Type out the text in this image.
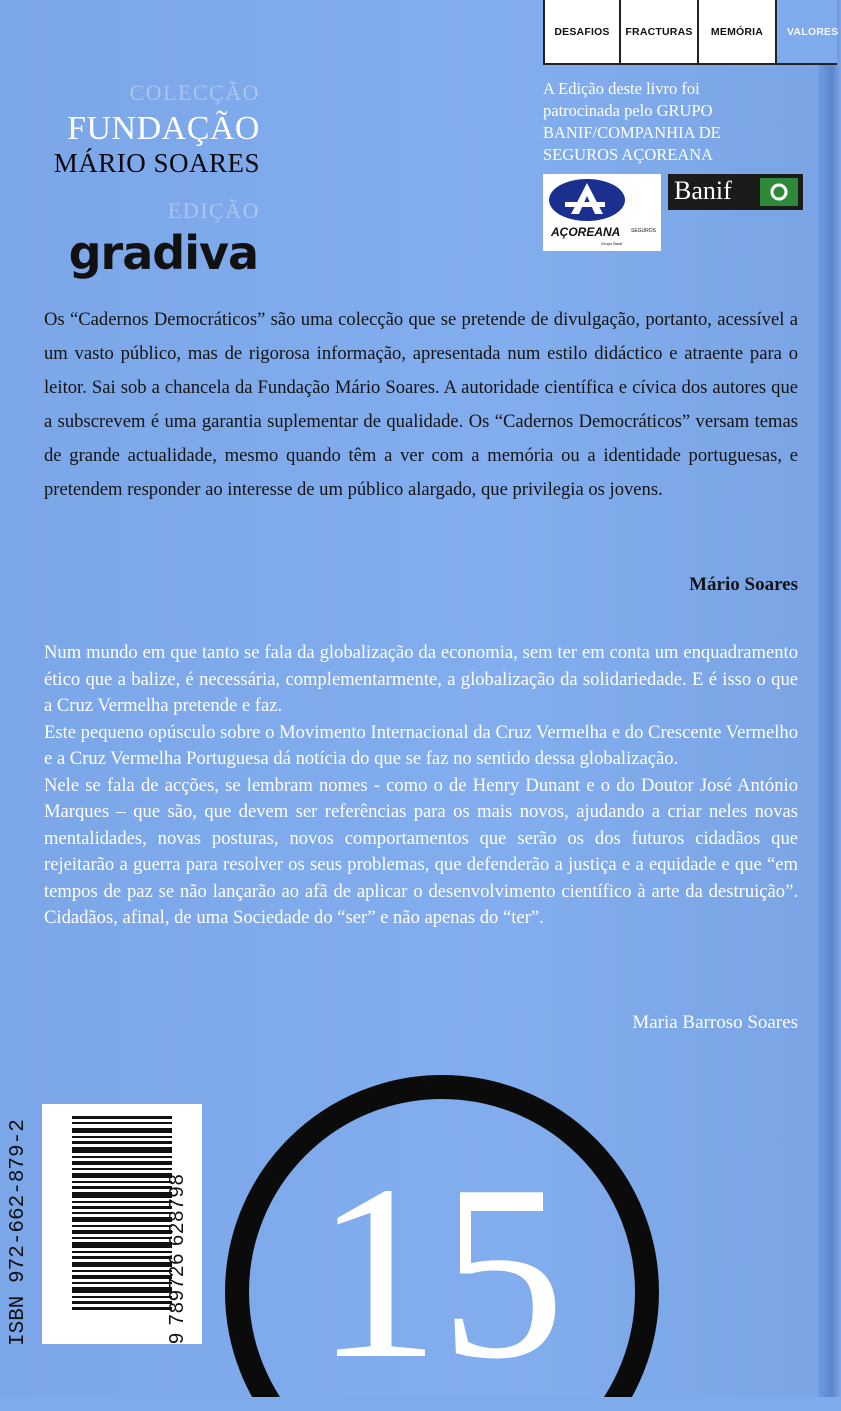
DESAFIOS	FRACTURAS	MEMÓRIA	VALORES
COLECÇÃO
FUNDAÇÃO
MÁRIO SOARES
EDIÇÃO
gradiva
A Edição deste livro foi
patrocinada pelo GRUPO
BANIF/COMPANHIA DE
SEGUROS AÇOREANA
AÇOREANA SEGUROS
Grupo Banif
Banif
Os “Cadernos Democráticos” são uma colecção que se pretende de divulgação, portanto, acessível a um vasto público, mas de rigorosa informação, apresentada num estilo didáctico e atraente para o leitor. Sai sob a chancela da Fundação Mário Soares. A autoridade científica e cívica dos autores que a subscrevem é uma garantia suplementar de qualidade. Os “Cadernos Democráticos” versam temas de grande actualidade, mesmo quando têm a ver com a memória ou a identidade portuguesas, e pretendem responder ao interesse de um público alargado, que privilegia os jovens.
Mário Soares

Num mundo em que tanto se fala da globalização da economia, sem ter em conta um enquadramento ético que a balize, é necessária, complementarmente, a globalização da solidariedade. E é isso o que a Cruz Vermelha pretende e faz.

Este pequeno opúsculo sobre o Movimento Internacional da Cruz Vermelha e do Crescente Vermelho e a Cruz Vermelha Portuguesa dá notícia do que se faz no sentido dessa globalização.

Nele se fala de acções, se lembram nomes - como o de Henry Dunant e o do Doutor José António Marques – que são, que devem ser referências para os mais novos, ajudando a criar neles novas mentalidades, novas posturas, novos comportamentos que serão os dos futuros cidadãos que rejeitarão a guerra para resolver os seus problemas, que defenderão a justiça e a equidade e que “em tempos de paz se não lançarão ao afã de aplicar o desenvolvimento científico à arte da destruição”. Cidadãos, afinal, de uma Sociedade do “ser” e não apenas do “ter”.

Maria Barroso Soares
15
ISBN 972-662-879-2	9 789726 628798
